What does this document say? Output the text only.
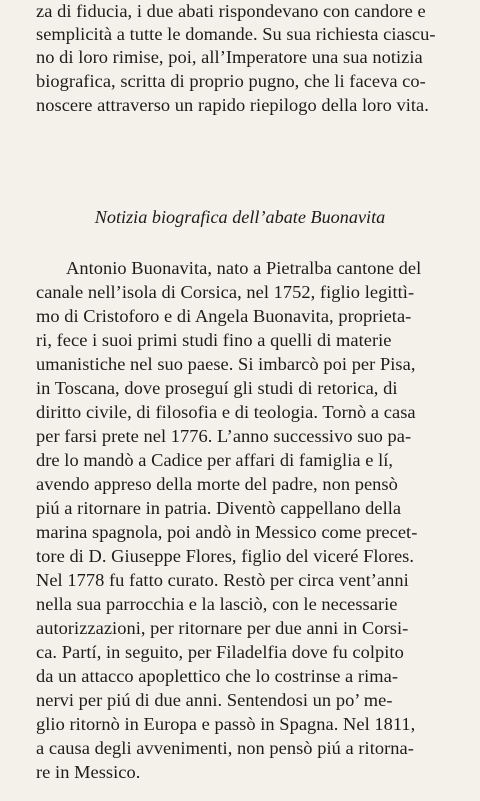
za di fiducia, i due abati rispondevano con candore e
semplicità a tutte le domande. Su sua richiesta ciascu-
no di loro rimise, poi, all’Imperatore una sua notizia
biografica, scritta di proprio pugno, che li faceva co-
noscere attraverso un rapido riepilogo della loro vita.
Notizia biografica dell’abate Buonavita
Antonio Buonavita, nato a Pietralba cantone del
canale nell’isola di Corsica, nel 1752, figlio legittì-
mo di Cristoforo e di Angela Buonavita, proprieta-
ri, fece i suoi primi studi fino a quelli di materie
umanistiche nel suo paese. Si imbarcò poi per Pisa,
in Toscana, dove proseguí gli studi di retorica, di
diritto civile, di filosofia e di teologia. Tornò a casa
per farsi prete nel 1776. L’anno successivo suo pa-
dre lo mandò a Cadice per affari di famiglia e lí,
avendo appreso della morte del padre, non pensò
piú a ritornare in patria. Diventò cappellano della
marina spagnola, poi andò in Messico come precet-
tore di D. Giuseppe Flores, figlio del viceré Flores.
Nel 1778 fu fatto curato. Restò per circa vent’anni
nella sua parrocchia e la lasciò, con le necessarie
autorizzazioni, per ritornare per due anni in Corsi-
ca. Partí, in seguito, per Filadelfia dove fu colpito
da un attacco apoplettico che lo costrinse a rima-
nervi per piú di due anni. Sentendosi un po’ me-
glio ritornò in Europa e passò in Spagna. Nel 1811,
a causa degli avvenimenti, non pensò piú a ritorna-
re in Messico.
